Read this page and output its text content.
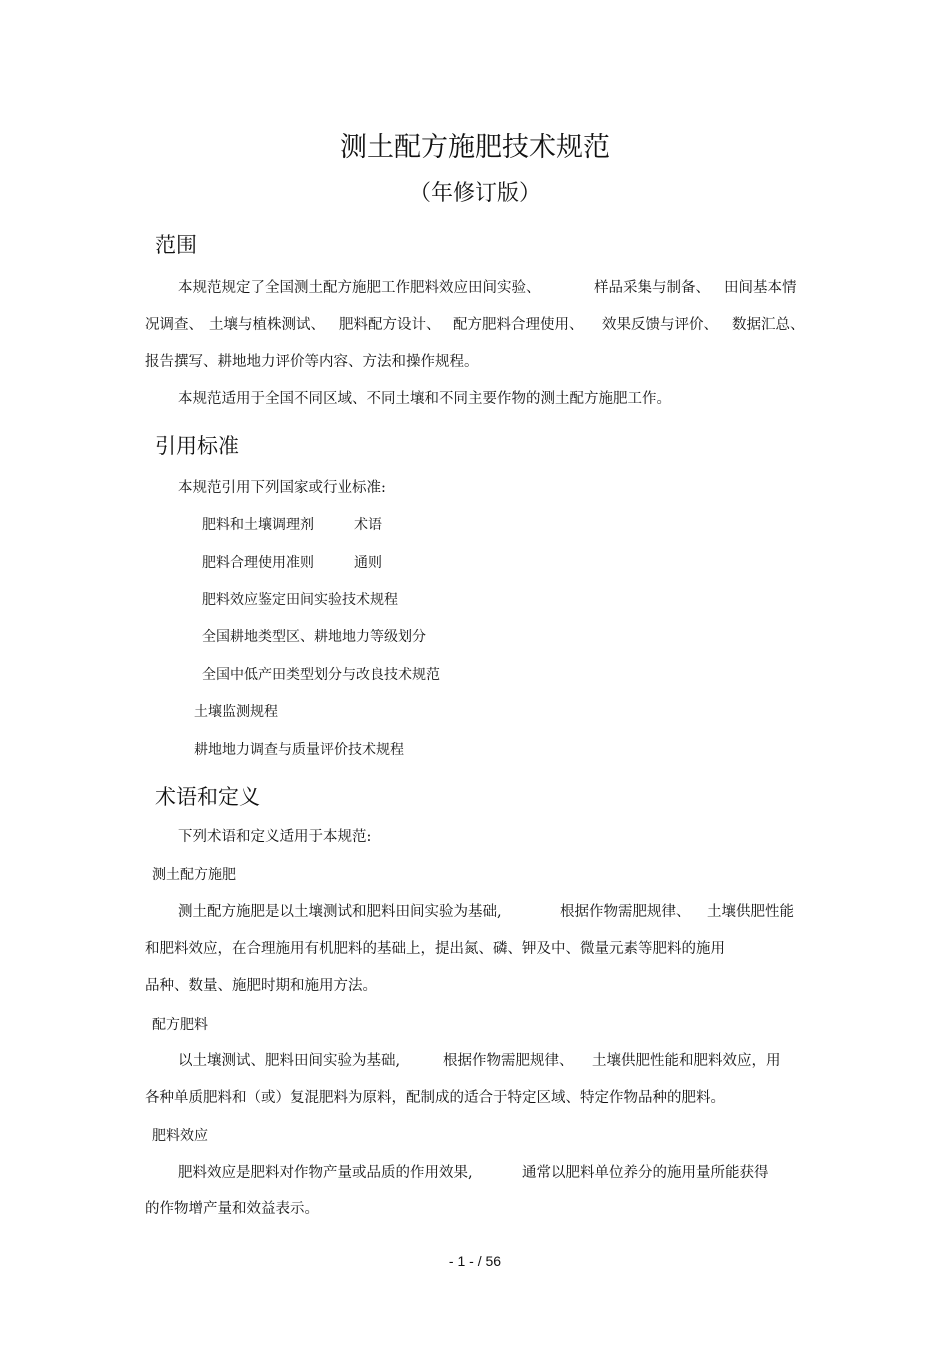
测土配方施肥技术规范
（年修订版）
范围
本规范规定了全国测土配方施肥工作肥料效应田间实验、	样品采集与制备、 田间基本情
况调查、 土壤与植株测试、 肥料配方设计、 配方肥料合理使用、 效果反馈与评价、 数据汇总、
报告撰写、耕地地力评价等内容、方法和操作规程。
本规范适用于全国不同区域、不同土壤和不同主要作物的测土配方施肥工作。
引用标准
本规范引用下列国家或行业标准:
肥料和土壤调理剂	术语
肥料合理使用准则	通则
肥料效应鉴定田间实验技术规程
全国耕地类型区、耕地地力等级划分
全国中低产田类型划分与改良技术规范
土壤监测规程
耕地地力调查与质量评价技术规程
术语和定义
下列术语和定义适用于本规范:
测土配方施肥
测土配方施肥是以土壤测试和肥料田间实验为基础,	根据作物需肥规律、 土壤供肥性能
和肥料效应，在合理施用有机肥料的基础上，提出氮、磷、钾及中、微量元素等肥料的施用
品种、数量、施肥时期和施用方法。
配方肥料
以土壤测试、肥料田间实验为基础,	根据作物需肥规律、 土壤供肥性能和肥料效应，用
各种单质肥料和（或）复混肥料为原料，配制成的适合于特定区域、特定作物品种的肥料。
肥料效应
肥料效应是肥料对作物产量或品质的作用效果,	通常以肥料单位养分的施用量所能获得
的作物增产量和效益表示。
- 1 - / 56
